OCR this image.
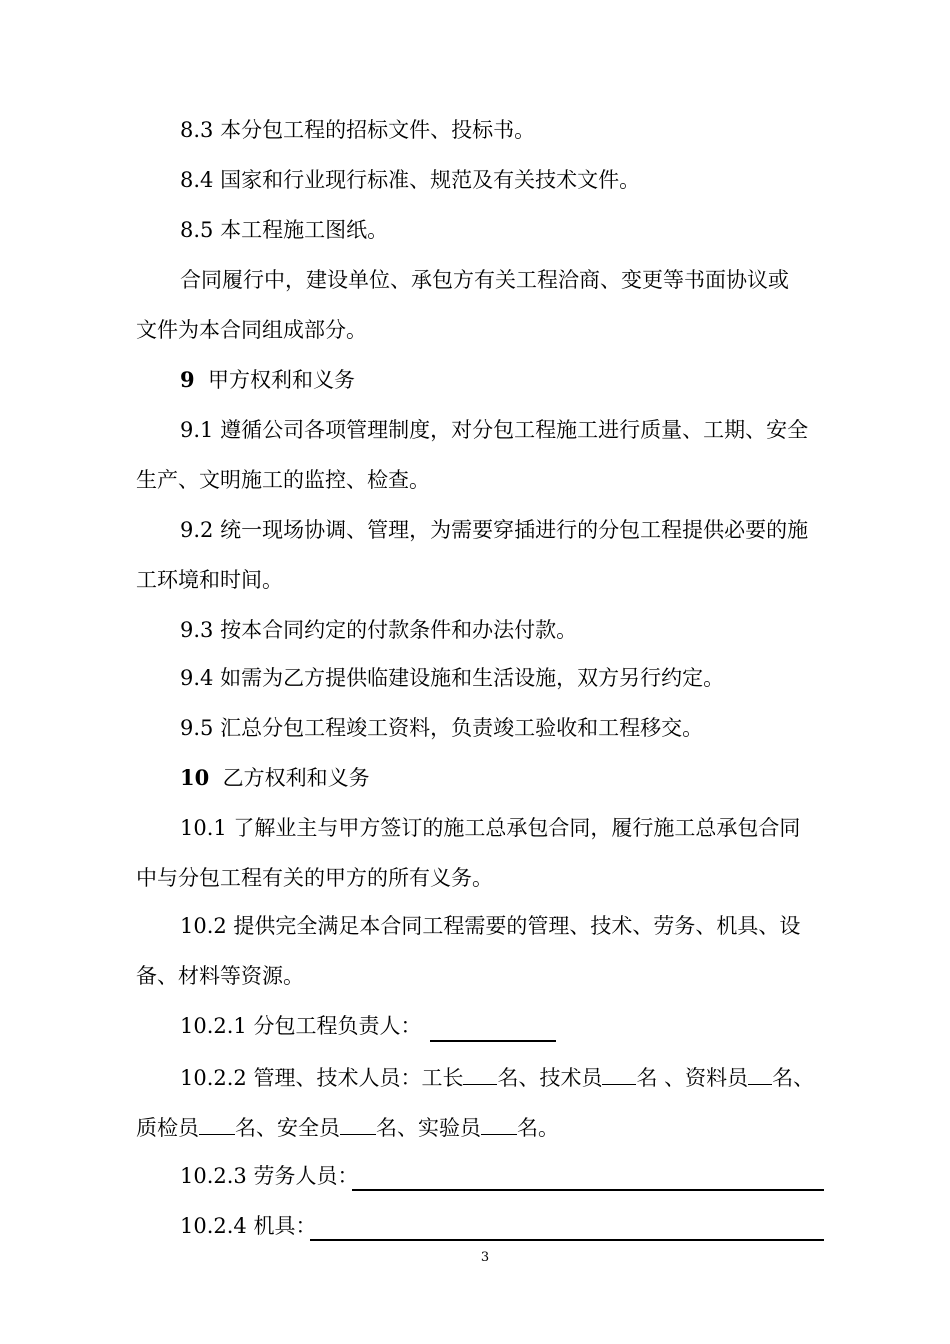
8.3 本分包工程的招标文件、投标书。
8.4 国家和行业现行标准、规范及有关技术文件。
8.5 本工程施工图纸。
合同履行中，建设单位、承包方有关工程洽商、变更等书面协议或
文件为本合同组成部分。
9 甲方权利和义务
9.1 遵循公司各项管理制度，对分包工程施工进行质量、工期、安全
生产、文明施工的监控、检查。
9.2 统一现场协调、管理，为需要穿插进行的分包工程提供必要的施
工环境和时间。
9.3 按本合同约定的付款条件和办法付款。
9.4 如需为乙方提供临建设施和生活设施，双方另行约定。
9.5 汇总分包工程竣工资料，负责竣工验收和工程移交。
10 乙方权利和义务
10.1 了解业主与甲方签订的施工总承包合同，履行施工总承包合同
中与分包工程有关的甲方的所有义务。
10.2 提供完全满足本合同工程需要的管理、技术、劳务、机具、设
备、材料等资源。
10.2.1 分包工程负责人：
10.2.2 管理、技术人员：工长 名、技术员 名 、资料员 名、
质检员 名、安全员 名、实验员 名。
10.2.3 劳务人员：
10.2.4 机具：
3
